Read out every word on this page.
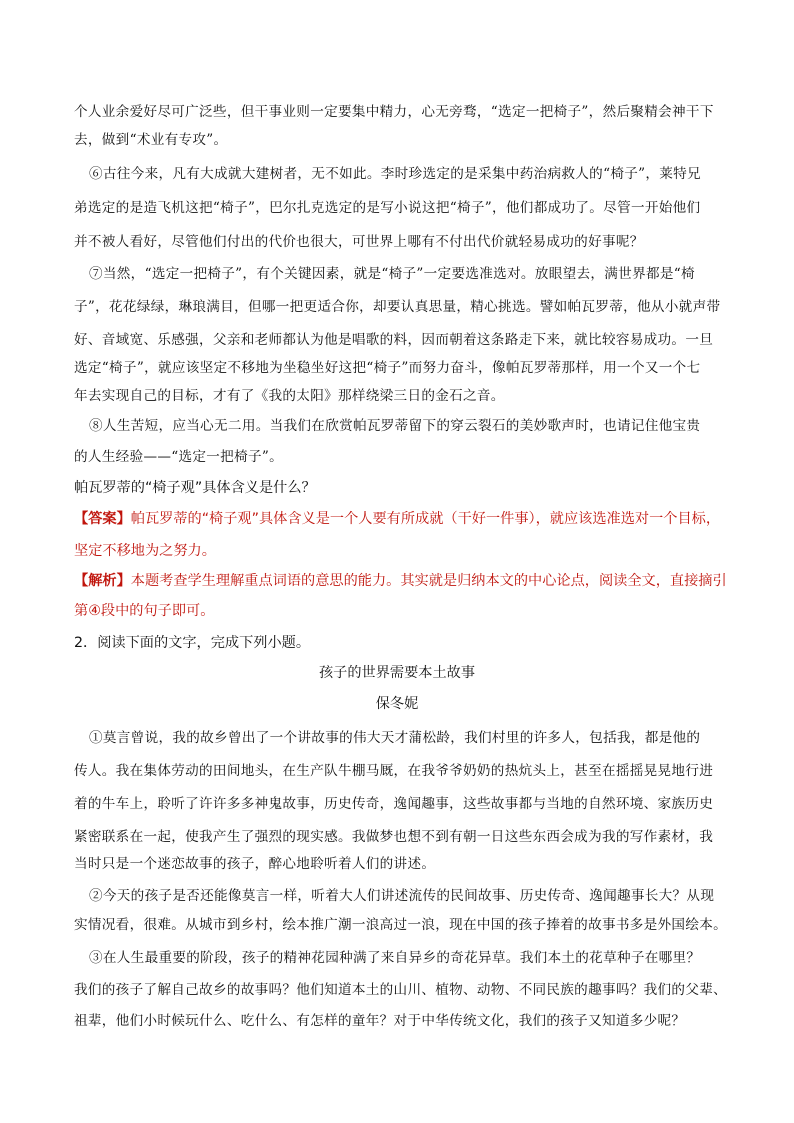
个人业余爱好尽可广泛些，但干事业则一定要集中精力，心无旁骛，“选定一把椅子”，然后聚精会神干下
去，做到“术业有专攻”。
⑥古往今来，凡有大成就大建树者，无不如此。李时珍选定的是采集中药治病救人的“椅子”，莱特兄
弟选定的是造飞机这把“椅子”，巴尔扎克选定的是写小说这把“椅子”，他们都成功了。尽管一开始他们
并不被人看好，尽管他们付出的代价也很大，可世界上哪有不付出代价就轻易成功的好事呢？
⑦当然，“选定一把椅子”，有个关键因素，就是“椅子”一定要选准选对。放眼望去，满世界都是“椅
子”，花花绿绿，琳琅满目，但哪一把更适合你，却要认真思量，精心挑选。譬如帕瓦罗蒂，他从小就声带
好、音域宽、乐感强，父亲和老师都认为他是唱歌的料，因而朝着这条路走下来，就比较容易成功。一旦
选定“椅子”，就应该坚定不移地为坐稳坐好这把“椅子”而努力奋斗，像帕瓦罗蒂那样，用一个又一个七
年去实现自己的目标，才有了《我的太阳》那样绕梁三日的金石之音。
⑧人生苦短，应当心无二用。当我们在欣赏帕瓦罗蒂留下的穿云裂石的美妙歌声时，也请记住他宝贵
的人生经验——“选定一把椅子”。
帕瓦罗蒂的“椅子观”具体含义是什么？
【答案】帕瓦罗蒂的“椅子观”具体含义是一个人要有所成就（干好一件事），就应该选准选对一个目标，
坚定不移地为之努力。
【解析】本题考查学生理解重点词语的意思的能力。其实就是归纳本文的中心论点，阅读全文，直接摘引
第④段中的句子即可。
2．阅读下面的文字，完成下列小题。
孩子的世界需要本土故事
保冬妮
①莫言曾说，我的故乡曾出了一个讲故事的伟大天才蒲松龄，我们村里的许多人，包括我，都是他的
传人。我在集体劳动的田间地头，在生产队牛棚马厩，在我爷爷奶奶的热炕头上，甚至在摇摇晃晃地行进
着的牛车上，聆听了许许多多神鬼故事，历史传奇，逸闻趣事，这些故事都与当地的自然环境、家族历史
紧密联系在一起，使我产生了强烈的现实感。我做梦也想不到有朝一日这些东西会成为我的写作素材，我
当时只是一个迷恋故事的孩子，醉心地聆听着人们的讲述。
②今天的孩子是否还能像莫言一样，听着大人们讲述流传的民间故事、历史传奇、逸闻趣事长大？从现
实情况看，很难。从城市到乡村，绘本推广潮一浪高过一浪，现在中国的孩子捧着的故事书多是外国绘本。
③在人生最重要的阶段，孩子的精神花园种满了来自异乡的奇花异草。我们本土的花草种子在哪里？
我们的孩子了解自己故乡的故事吗？他们知道本土的山川、植物、动物、不同民族的趣事吗？我们的父辈、
祖辈，他们小时候玩什么、吃什么、有怎样的童年？对于中华传统文化，我们的孩子又知道多少呢？
